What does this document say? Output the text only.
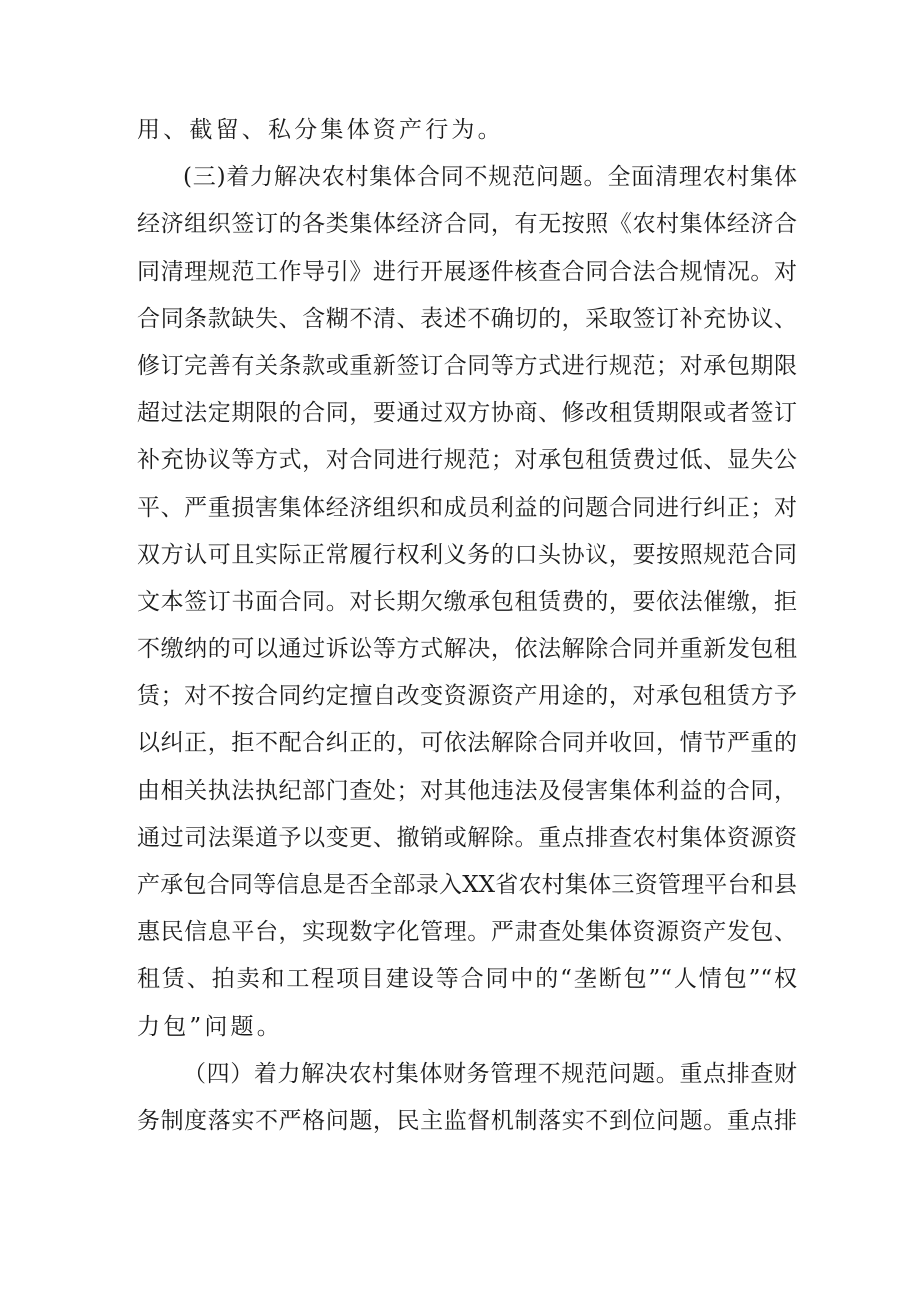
用、截留、私分集体资产行为。
(三)着力解决农村集体合同不规范问题。全面清理农村集体
经济组织签订的各类集体经济合同，有无按照《农村集体经济合
同清理规范工作导引》进行开展逐件核查合同合法合规情况。对
合同条款缺失、含糊不清、表述不确切的，采取签订补充协议、
修订完善有关条款或重新签订合同等方式进行规范；对承包期限
超过法定期限的合同，要通过双方协商、修改租赁期限或者签订
补充协议等方式，对合同进行规范；对承包租赁费过低、显失公
平、严重损害集体经济组织和成员利益的问题合同进行纠正；对
双方认可且实际正常履行权利义务的口头协议，要按照规范合同
文本签订书面合同。对长期欠缴承包租赁费的，要依法催缴，拒
不缴纳的可以通过诉讼等方式解决，依法解除合同并重新发包租
赁；对不按合同约定擅自改变资源资产用途的，对承包租赁方予
以纠正，拒不配合纠正的，可依法解除合同并收回，情节严重的
由相关执法执纪部门查处；对其他违法及侵害集体利益的合同，
通过司法渠道予以变更、撤销或解除。重点排查农村集体资源资
产承包合同等信息是否全部录入XX省农村集体三资管理平台和县
惠民信息平台，实现数字化管理。严肃查处集体资源资产发包、
租赁、拍卖和工程项目建设等合同中的“垄断包”“人情包”“权
力包”问题。
（四）着力解决农村集体财务管理不规范问题。重点排查财
务制度落实不严格问题，民主监督机制落实不到位问题。重点排
